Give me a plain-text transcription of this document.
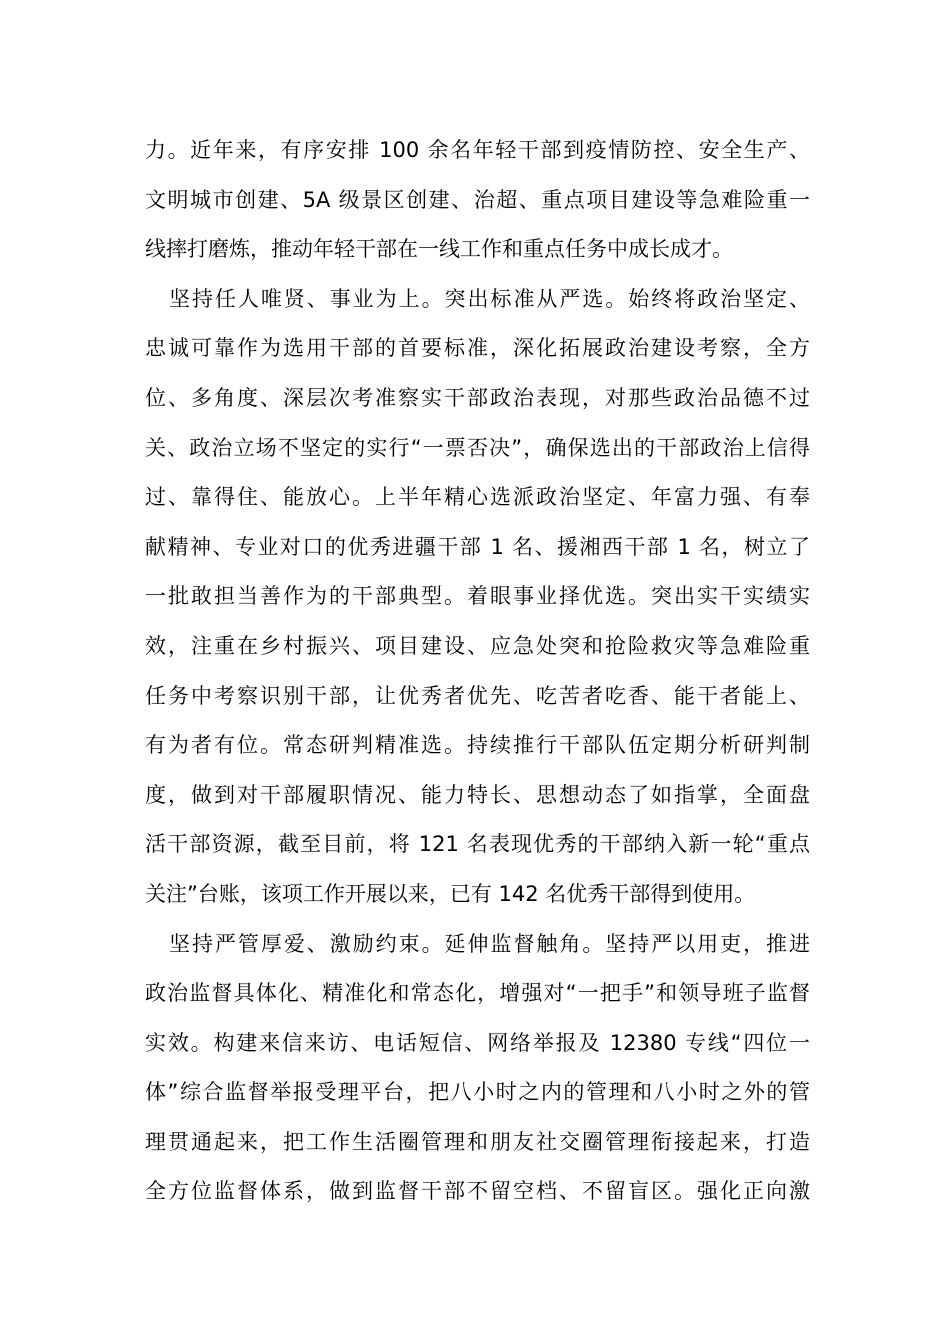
力。近年来，有序安排 100 余名年轻干部到疫情防控、安全生产、
文明城市创建、5A 级景区创建、治超、重点项目建设等急难险重一
线摔打磨炼，推动年轻干部在一线工作和重点任务中成长成才。
坚持任人唯贤、事业为上。突出标准从严选。始终将政治坚定、
忠诚可靠作为选用干部的首要标准，深化拓展政治建设考察，全方
位、多角度、深层次考准察实干部政治表现，对那些政治品德不过
关、政治立场不坚定的实行“一票否决”，确保选出的干部政治上信得
过、靠得住、能放心。上半年精心选派政治坚定、年富力强、有奉
献精神、专业对口的优秀进疆干部 1 名、援湘西干部 1 名，树立了
一批敢担当善作为的干部典型。着眼事业择优选。突出实干实绩实
效，注重在乡村振兴、项目建设、应急处突和抢险救灾等急难险重
任务中考察识别干部，让优秀者优先、吃苦者吃香、能干者能上、
有为者有位。常态研判精准选。持续推行干部队伍定期分析研判制
度，做到对干部履职情况、能力特长、思想动态了如指掌，全面盘
活干部资源，截至目前，将 121 名表现优秀的干部纳入新一轮“重点
关注”台账，该项工作开展以来，已有 142 名优秀干部得到使用。
坚持严管厚爱、激励约束。延伸监督触角。坚持严以用吏，推进
政治监督具体化、精准化和常态化，增强对“一把手”和领导班子监督
实效。构建来信来访、电话短信、网络举报及 12380 专线“四位一
体”综合监督举报受理平台，把八小时之内的管理和八小时之外的管
理贯通起来，把工作生活圈管理和朋友社交圈管理衔接起来，打造
全方位监督体系，做到监督干部不留空档、不留盲区。强化正向激
